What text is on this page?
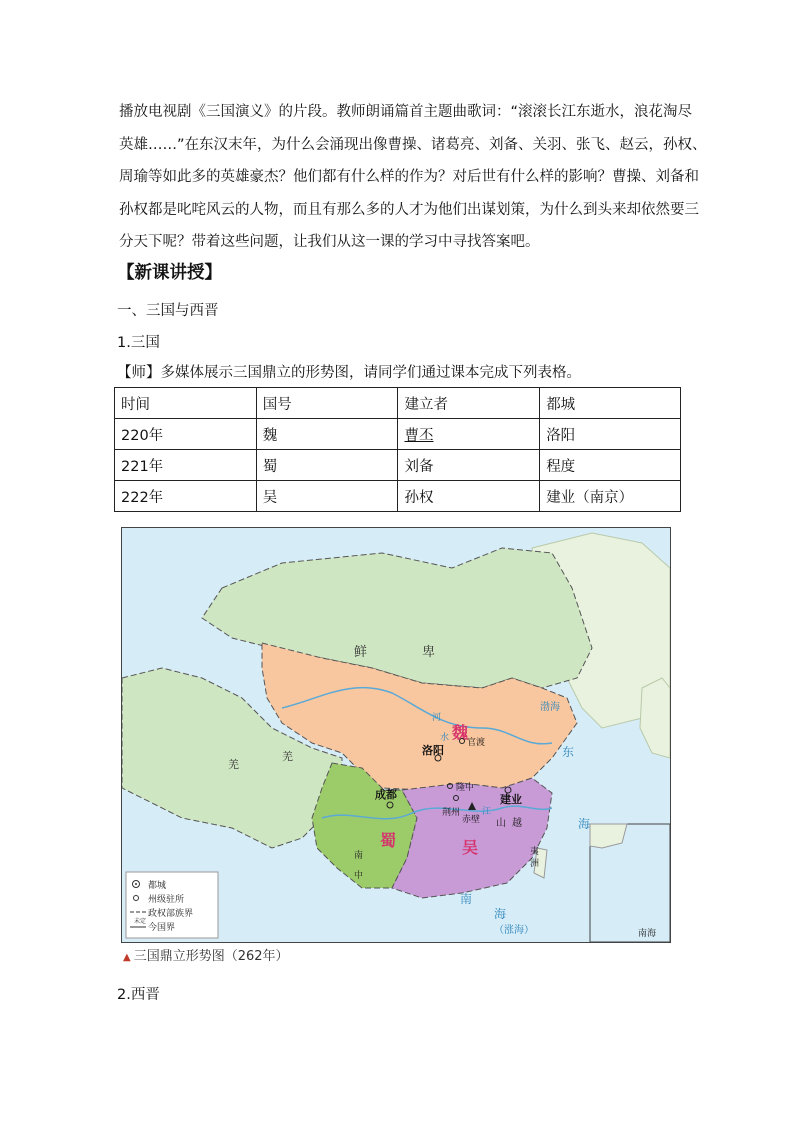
播放电视剧《三国演义》的片段。教师朗诵篇首主题曲歌词：“滚滚长江东逝水，浪花淘尽
英雄……”在东汉末年，为什么会涌现出像曹操、诸葛亮、刘备、关羽、张飞、赵云，孙权、
周瑜等如此多的英雄豪杰？他们都有什么样的作为？对后世有什么样的影响？曹操、刘备和
孙权都是叱咤风云的人物，而且有那么多的人才为他们出谋划策，为什么到头来却依然要三
分天下呢？带着这些问题，让我们从这一课的学习中寻找答案吧。
【新课讲授】
一、三国与西晋
1.三国
【师】多媒体展示三国鼎立的形势图，请同学们通过课本完成下列表格。
时间	国号	建立者	都城
220年	魏	曹丕	洛阳
221年	蜀	刘备	程度
222年	吴	孙权	建业（南京）
都城
州级驻所
政权部族界
未定
今国界
鲜	卑
羌
羌
魏
蜀	吴
洛阳
官渡
隆中
成都	建业
荆州
赤壁 山 越
南
中
夷
洲
东
海
南
海
（涨海）
渤海
河
水
江
南海
▲ 三国鼎立形势图（262年）
2.西晋
